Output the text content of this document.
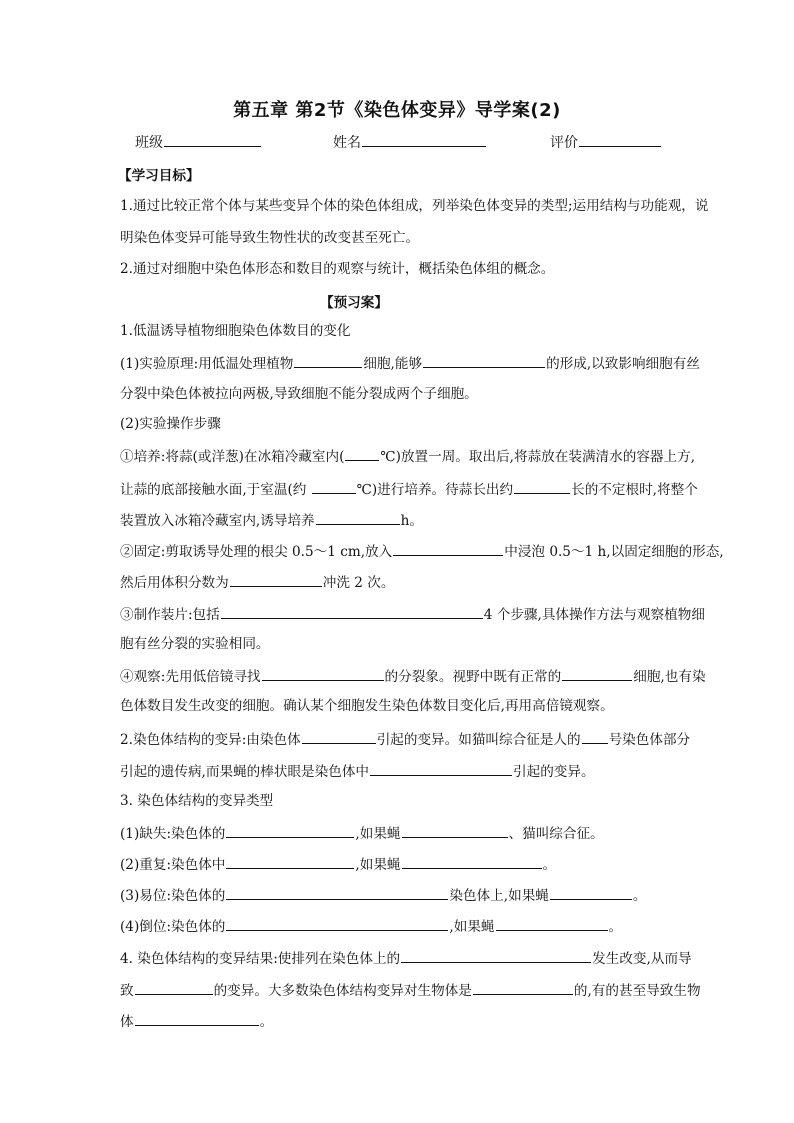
第五章 第2节《染色体变异》导学案(2)
班级	姓名	评价
【学习目标】
1.通过比较正常个体与某些变异个体的染色体组成，列举染色体变异的类型;运用结构与功能观，说
明染色体变异可能导致生物性状的改变甚至死亡。
2.通过对细胞中染色体形态和数目的观察与统计，概括染色体组的概念。
【预习案】
1.低温诱导植物细胞染色体数目的变化
(1)实验原理:用低温处理植物	细胞,能够	的形成,以致影响细胞有丝
分裂中染色体被拉向两极,导致细胞不能分裂成两个子细胞。
(2)实验操作步骤
①培养:将蒜(或洋葱)在冰箱冷藏室内(	℃)放置一周。取出后,将蒜放在装满清水的容器上方,
让蒜的底部接触水面,于室温(约	℃)进行培养。待蒜长出约	长的不定根时,将整个
装置放入冰箱冷藏室内,诱导培养	h。
②固定:剪取诱导处理的根尖 0.5～1 cm,放入	中浸泡 0.5～1 h,以固定细胞的形态,
然后用体积分数为	冲洗 2 次。
③制作装片:包括	4 个步骤,具体操作方法与观察植物细
胞有丝分裂的实验相同。
④观察:先用低倍镜寻找	的分裂象。视野中既有正常的	细胞,也有染
色体数目发生改变的细胞。确认某个细胞发生染色体数目变化后,再用高倍镜观察。
2.染色体结构的变异:由染色体	引起的变异。如猫叫综合征是人的 号染色体部分
引起的遗传病,而果蝇的棒状眼是染色体中	引起的变异。
3. 染色体结构的变异类型
(1)缺失:染色体的	,如果蝇	、猫叫综合征。
(2)重复:染色体中	,如果蝇	。
(3)易位:染色体的	染色体上,如果蝇	。
(4)倒位:染色体的	,如果蝇	。
4. 染色体结构的变异结果:使排列在染色体上的	发生改变,从而导
致	的变异。大多数染色体结构变异对生物体是	的,有的甚至导致生物
体	。
